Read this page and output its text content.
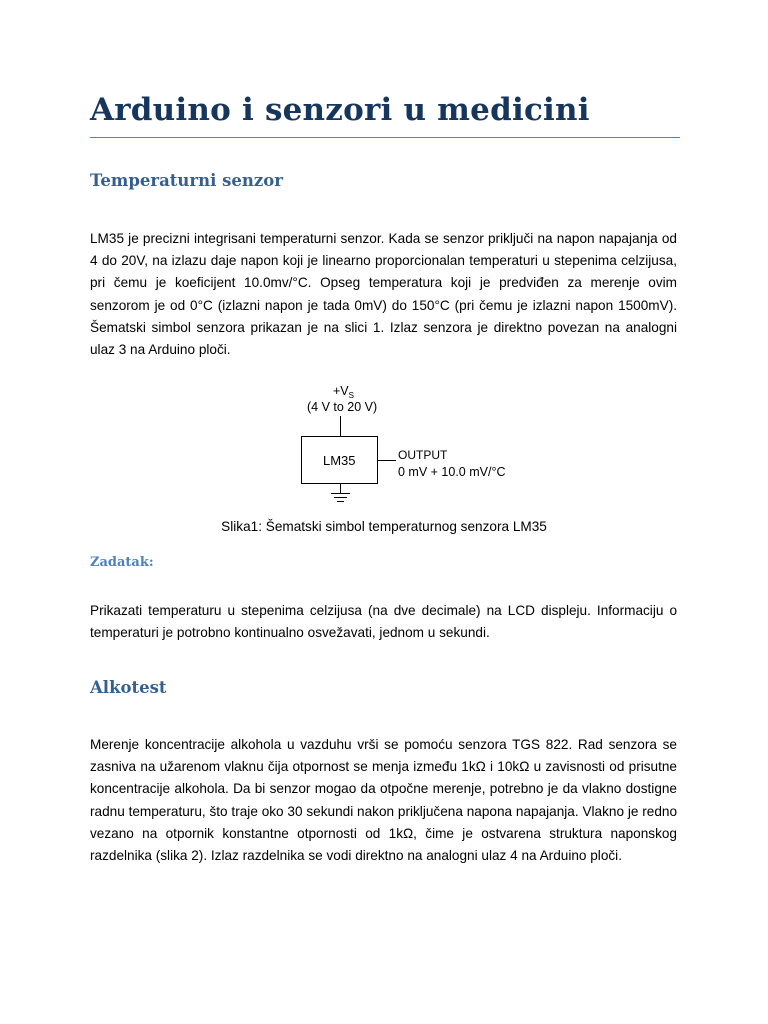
Arduino i senzori u medicini
Temperaturni senzor

LM35 je precizni integrisani temperaturni senzor. Kada se senzor priključi na napon napajanja od 4 do 20V, na izlazu daje napon koji je linearno proporcionalan temperaturi u stepenima celzijusa, pri čemu je koeficijent 10.0mv/°C. Opseg temperatura koji je predviđen za merenje ovim senzorom je od 0°C (izlazni napon je tada 0mV) do 150°C (pri čemu je izlazni napon 1500mV). Šematski simbol senzora prikazan je na slici 1. Izlaz senzora je direktno povezan na analogni ulaz 3 na Arduino ploči.

$+V_S$
(4 V to 20 V)
LM35	OUTPUT
0 mV + 10.0 mV/°C

Slika1: Šematski simbol temperaturnog senzora LM35

Zadatak:

Prikazati temperaturu u stepenima celzijusa (na dve decimale) na LCD displeju. Informaciju o temperaturi je potrobno kontinualno osvežavati, jednom u sekundi.

Alkotest

Merenje koncentracije alkohola u vazduhu vrši se pomoću senzora TGS 822. Rad senzora se zasniva na užarenom vlaknu čija otpornost se menja između 1kΩ i 10kΩ u zavisnosti od prisutne koncentracije alkohola. Da bi senzor mogao da otpočne merenje, potrebno je da vlakno dostigne radnu temperaturu, što traje oko 30 sekundi nakon priključena napona napajanja. Vlakno je redno vezano na otpornik konstantne otpornosti od 1kΩ, čime je ostvarena struktura naponskog razdelnika (slika 2). Izlaz razdelnika se vodi direktno na analogni ulaz 4 na Arduino ploči.
